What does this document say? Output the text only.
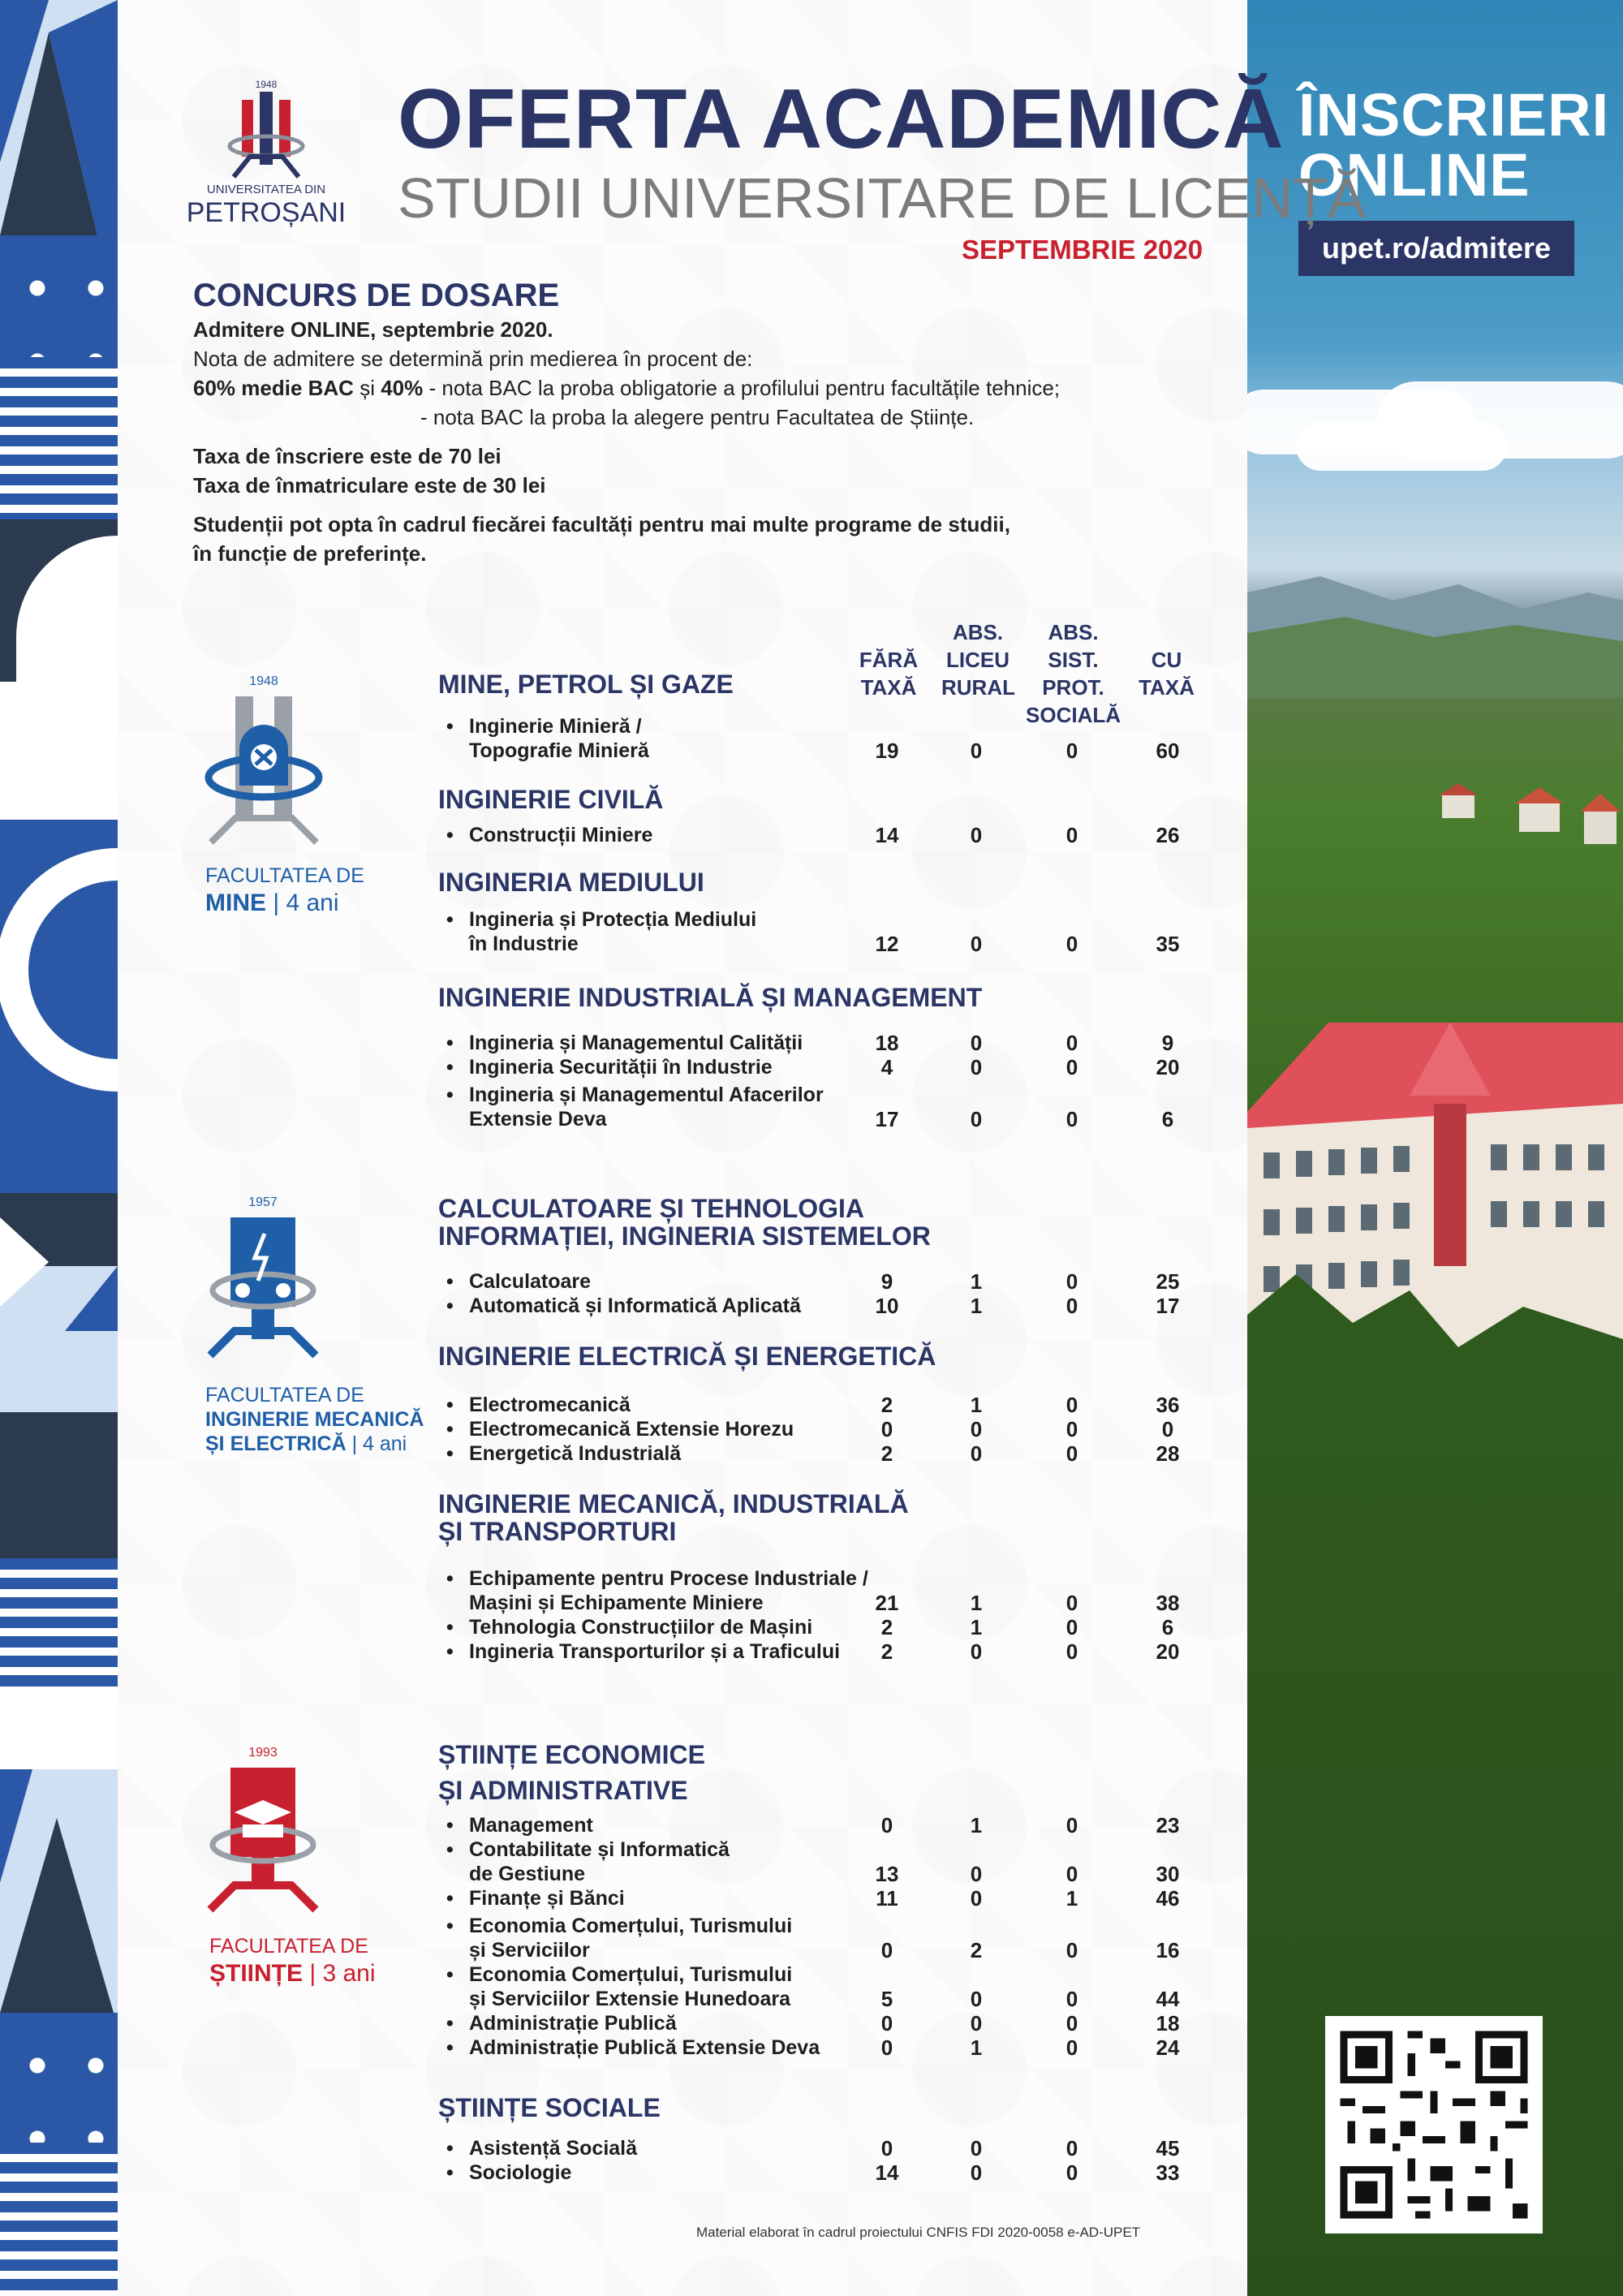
ÎNSCRIERI
ONLINE
upet.ro/admitere
1948
UNIVERSITATEA DIN
PETROȘANI
OFERTA ACADEMICĂ
STUDII UNIVERSITARE DE LICENȚĂ
SEPTEMBRIE 2020
CONCURS DE DOSARE

Admitere ONLINE, septembrie 2020.

Nota de admitere se determină prin medierea în procent de:

60% medie BAC și 40% - nota BAC la proba obligatorie a profilului pentru facultățile tehnice;

- nota BAC la proba la alegere pentru Facultatea de Științe.

Taxa de înscriere este de 70 lei

Taxa de înmatriculare este de 30 lei

Studenții pot opta în cadrul fiecărei facultăți pentru mai multe programe de studii,

în funcție de preferințe.

FĂRĂ
TAXĂ
ABS.
LICEU
RURAL
ABS.
SIST. PROT.
SOCIALĂ
CU
TAXĂ
1948
FACULTATEA DE
MINE | 4 ani
1957
FACULTATEA DE
INGINERIE MECANICĂ
ȘI ELECTRICĂ | 4 ani
1993
FACULTATEA DE
ȘTIINȚE | 3 ani
MINE, PETROL ȘI GAZE
INGINERIE CIVILĂ
INGINERIA MEDIULUI
INGINERIE INDUSTRIALĂ ȘI MANAGEMENT
CALCULATOARE ȘI TEHNOLOGIA
INFORMAȚIEI, INGINERIA SISTEMELOR
INGINERIE ELECTRICĂ ȘI ENERGETICĂ
INGINERIE MECANICĂ, INDUSTRIALĂ
ȘI TRANSPORTURI
ȘTIINȚE ECONOMICE
ȘI ADMINISTRATIVE
ȘTIINȚE SOCIALE
• Inginerie Minieră /
Topografie Minieră	19	0	0	60
• Construcții Miniere	14	0	0	26
• Ingineria și Protecția Mediului
în Industrie	12	0	0	35
• Ingineria și Managementul Calității	18	0	0	9
• Ingineria Securității în Industrie	4	0	0	20
• Ingineria și Managementul Afacerilor
Extensie Deva	17	0	0	6
• Calculatoare	9	1	0	25
• Automatică și Informatică Aplicată	10	1	0	17
• Electromecanică	2	1	0	36
• Electromecanică Extensie Horezu	0	0	0	0
• Energetică Industrială	2	0	0	28
• Echipamente pentru Procese Industriale /
Mașini și Echipamente Miniere	21	1	0	38
• Tehnologia Construcțiilor de Mașini	2	1	0	6
• Ingineria Transporturilor și a Traficului	2	0	0	20
• Management	0	1	0	23
• Contabilitate și Informatică
de Gestiune	13	0	0	30
• Finanțe și Bănci	11	0	1	46
• Economia Comerțului, Turismului
și Serviciilor	0	2	0	16
• Economia Comerțului, Turismului
și Serviciilor Extensie Hunedoara	5	0	0	44
• Administrație Publică	0	0	0	18
• Administrație Publică Extensie Deva	0	1	0	24
• Asistență Socială	0	0	0	45
• Sociologie	14	0	0	33
Material elaborat în cadrul proiectului CNFIS FDI 2020-0058 e-AD-UPET
